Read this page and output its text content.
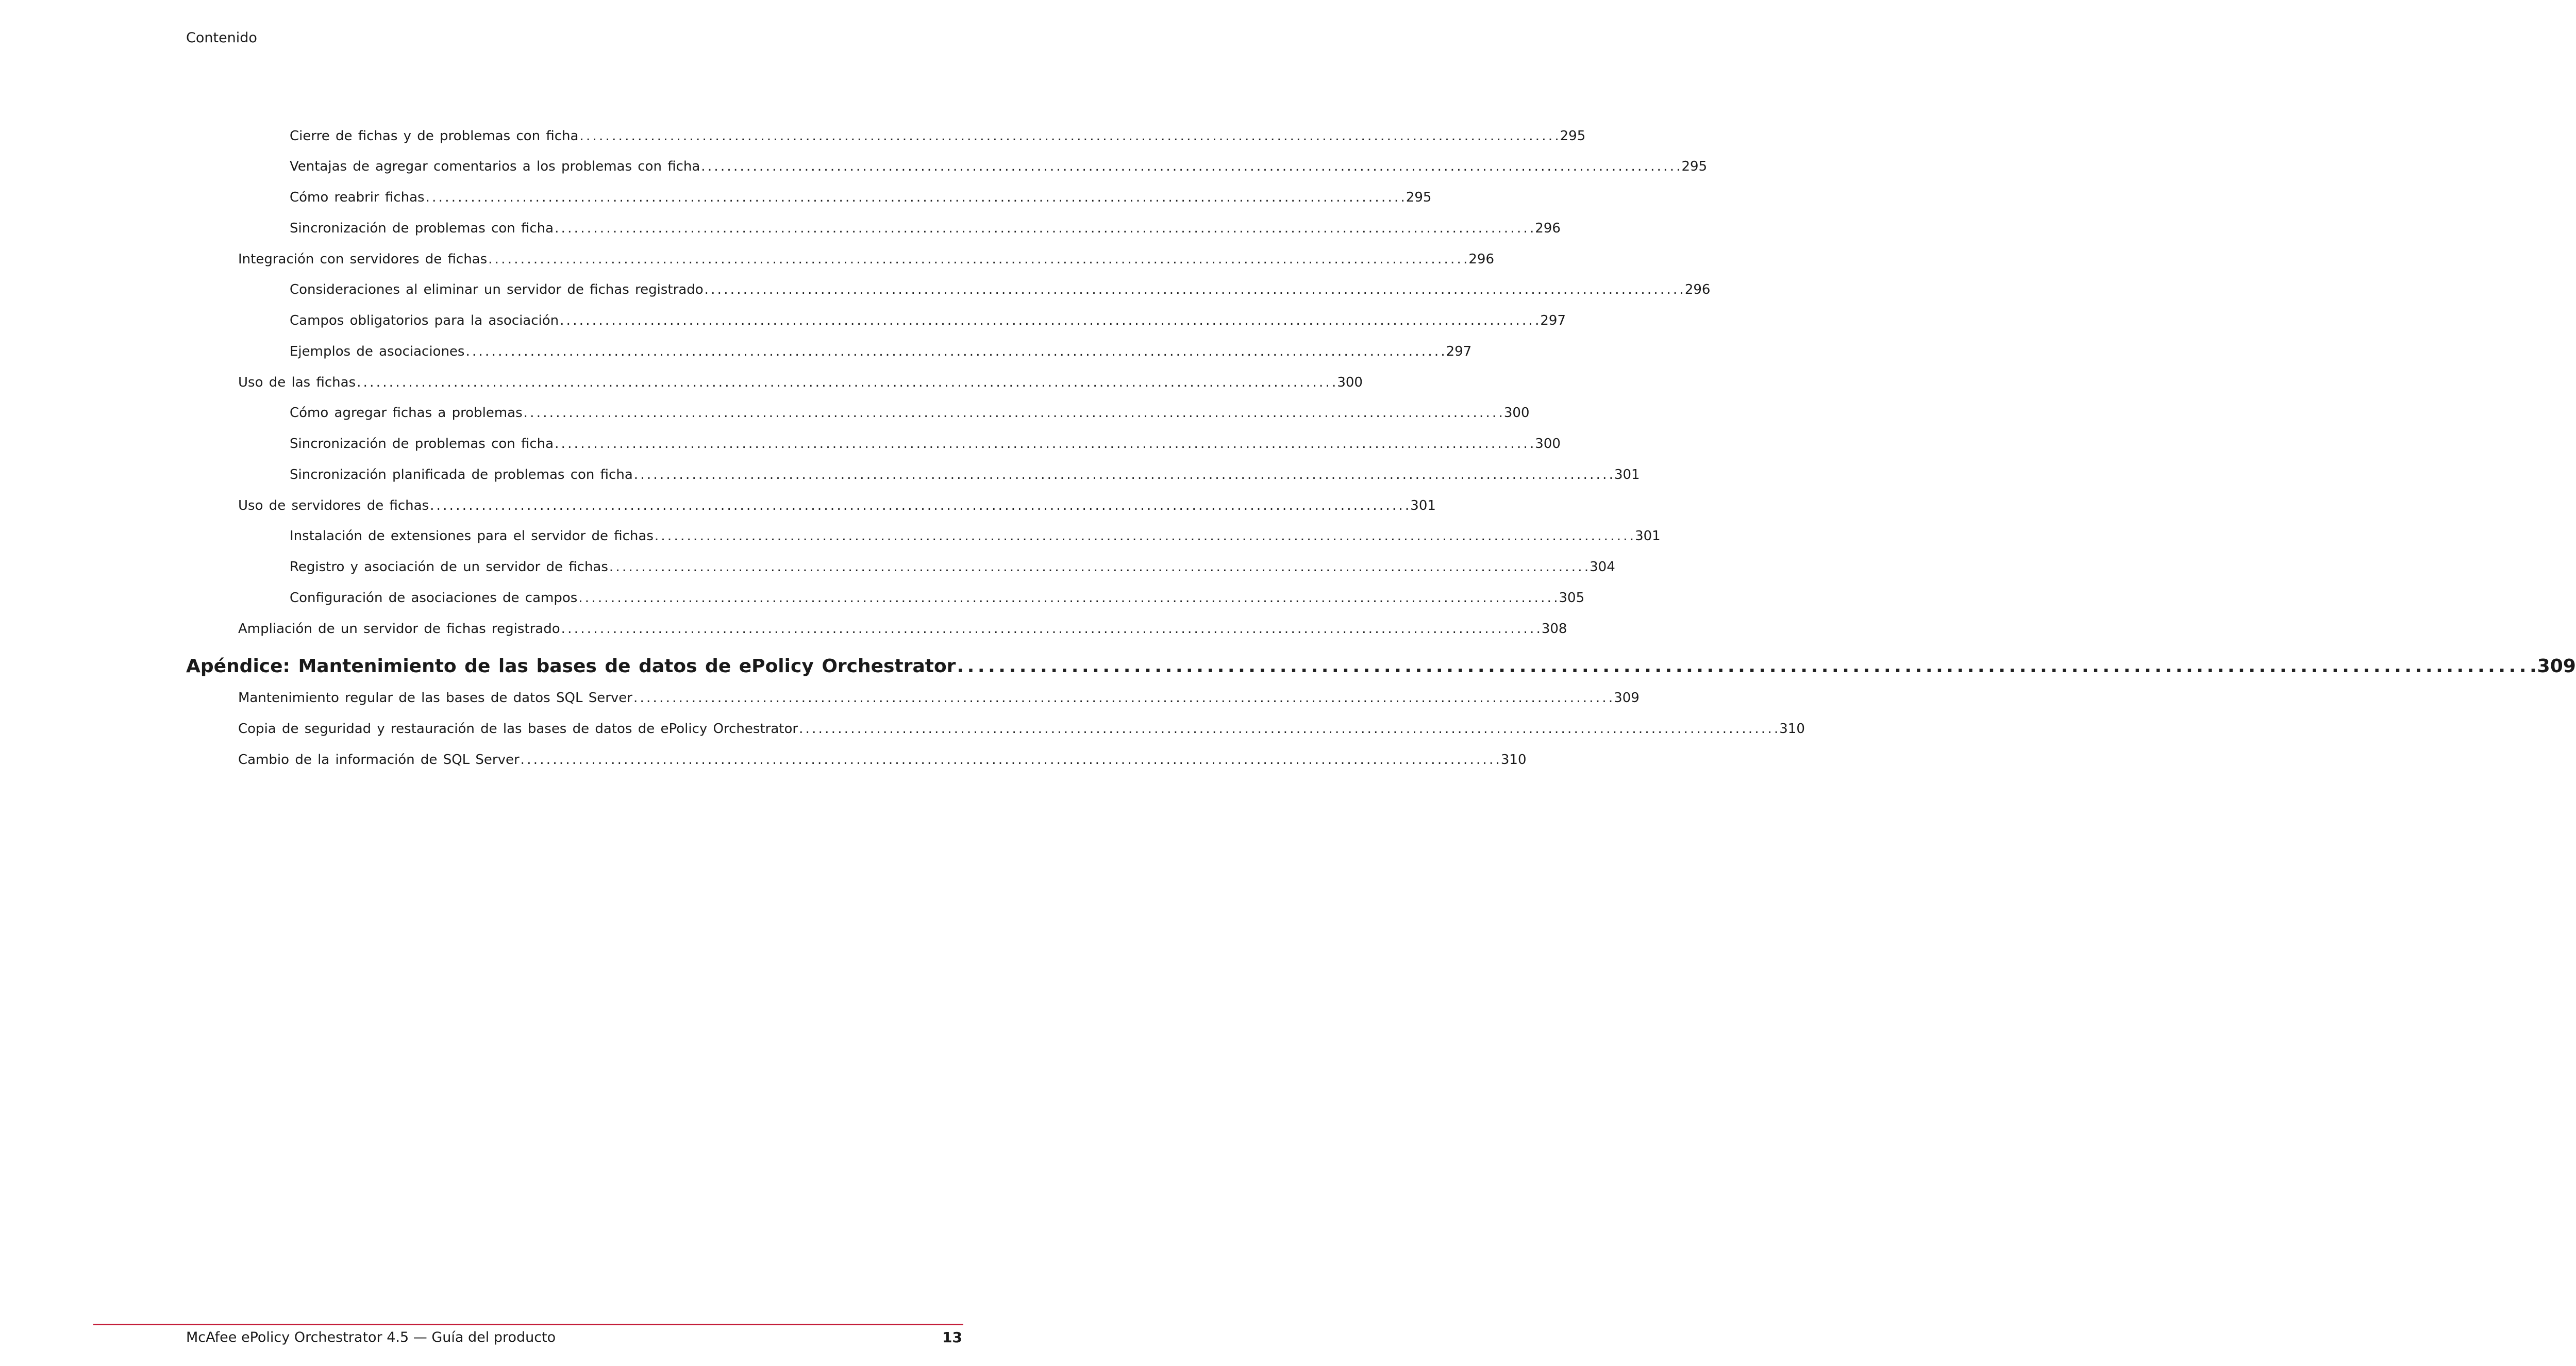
Contenido
Cierre de fichas y de problemas con ficha . . .	295
Ventajas de agregar comentarios a los problemas con ficha . . .	295
Cómo reabrir fichas . . .	295
Sincronización de problemas con ficha . . .	296
Integración con servidores de fichas . . .	296
Consideraciones al eliminar un servidor de fichas registrado . . .	296
Campos obligatorios para la asociación . . .	297
Ejemplos de asociaciones . . .	297
Uso de las fichas . . .	300
Cómo agregar fichas a problemas . . .	300
Sincronización de problemas con ficha . . .	300
Sincronización planificada de problemas con ficha . . .	301
Uso de servidores de fichas . . .	301
Instalación de extensiones para el servidor de fichas . . .	301
Registro y asociación de un servidor de fichas . . .	304
Configuración de asociaciones de campos . . .	305
Ampliación de un servidor de fichas registrado . . .	308
Apéndice: Mantenimiento de las bases de datos de ePolicy Orchestrator . . .	309
Mantenimiento regular de las bases de datos SQL Server . . .	309
Copia de seguridad y restauración de las bases de datos de ePolicy Orchestrator . . .	310
Cambio de la información de SQL Server . . .	310
McAfee ePolicy Orchestrator 4.5 — Guía del producto	13
